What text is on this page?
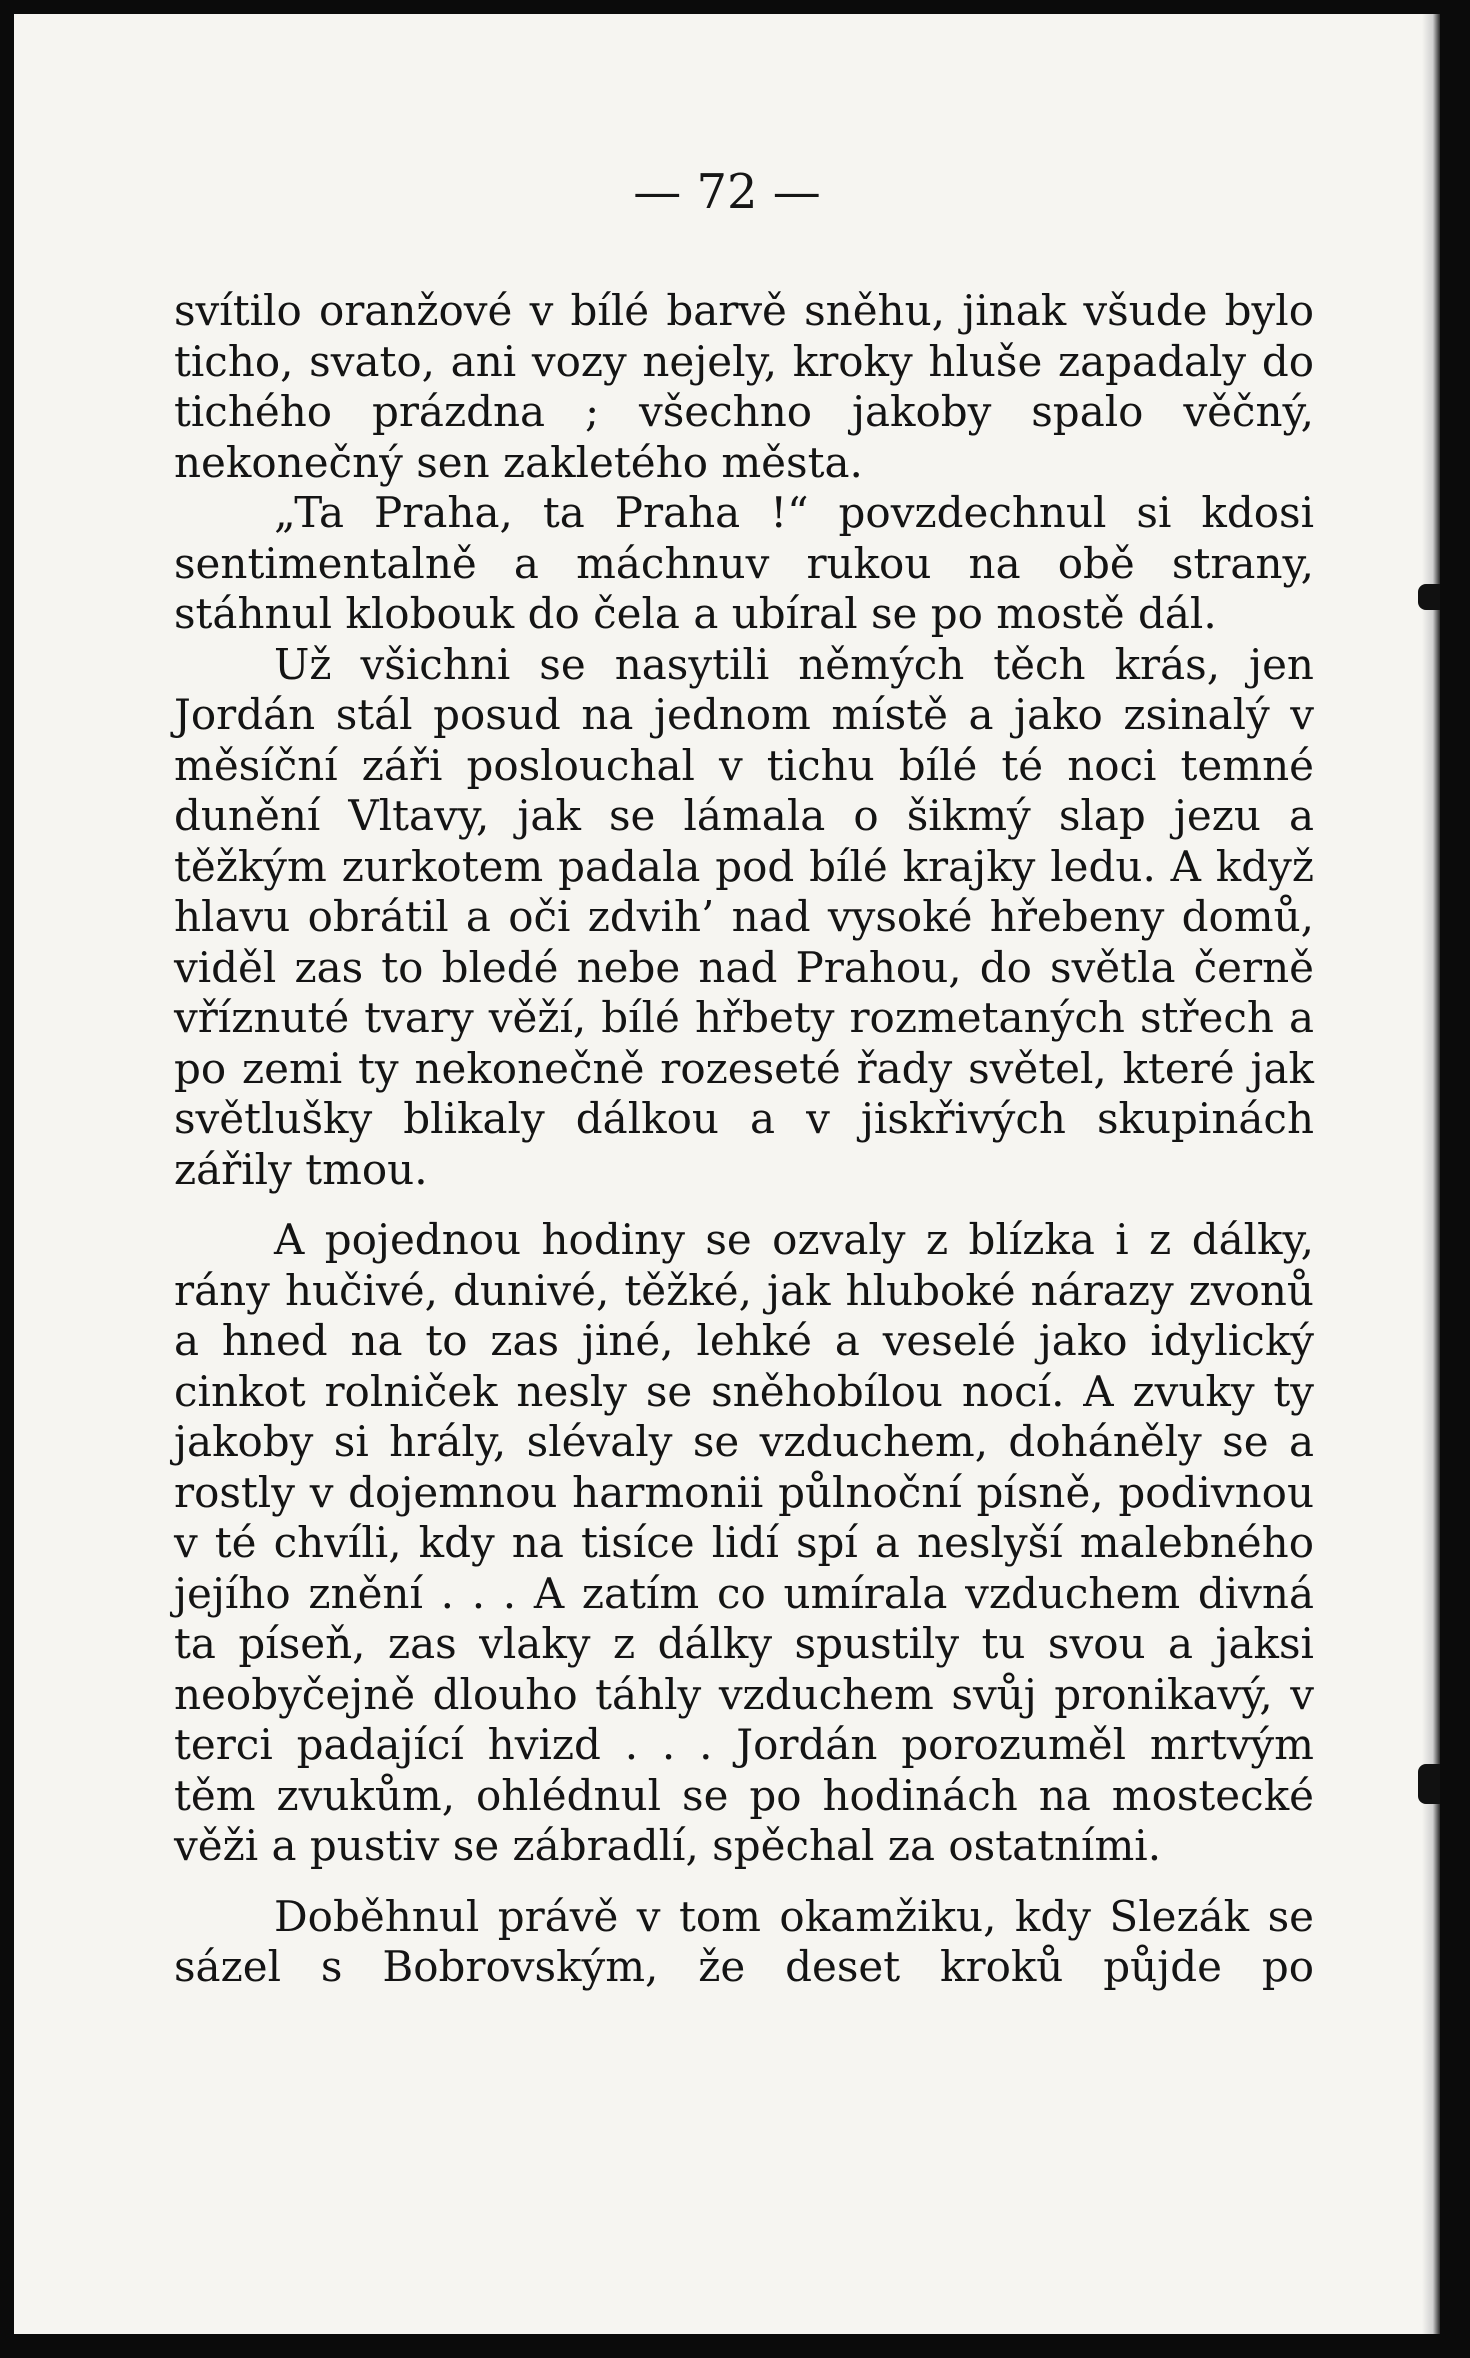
— 72 —

svítilo oranžové v bílé barvě sněhu, jinak všude bylo ticho, svato, ani vozy nejely, kroky hluše zapadaly do tichého prázdna ; všechno jakoby spalo věčný, nekonečný sen zakletého města.

„Ta Praha, ta Praha !“ povzdechnul si kdosi sentimentalně a máchnuv rukou na obě strany, stáhnul klobouk do čela a ubíral se po mostě dál.

Už všichni se nasytili němých těch krás, jen Jordán stál posud na jednom místě a jako zsinalý v měsíční záři poslouchal v tichu bílé té noci temné dunění Vltavy, jak se lámala o šikmý slap jezu a těžkým zurkotem padala pod bílé krajky ledu. A když hlavu obrátil a oči zdvih’ nad vysoké hřebeny domů, viděl zas to bledé nebe nad Prahou, do světla černě vříznuté tvary věží, bílé hřbety rozmetaných střech a po zemi ty nekonečně rozeseté řady světel, které jak světlušky blikaly dálkou a v jiskřivých skupinách zářily tmou.

A pojednou hodiny se ozvaly z blízka i z dálky, rány hučivé, dunivé, těžké, jak hluboké nárazy zvonů a hned na to zas jiné, lehké a veselé jako idylický cinkot rolniček nesly se sněhobílou nocí. A zvuky ty jakoby si hrály, slévaly se vzduchem, doháněly se a rostly v dojemnou harmonii půlnoční písně, podivnou v té chvíli, kdy na tisíce lidí spí a neslyší malebného jejího znění . . . A zatím co umírala vzduchem divná ta píseň, zas vlaky z dálky spustily tu svou a jaksi neobyčejně dlouho táhly vzduchem svůj pronikavý, v terci padající hvizd . . . Jordán porozuměl mrtvým těm zvukům, ohlédnul se po hodinách na mostecké věži a pustiv se zábradlí, spěchal za ostatními.

Doběhnul právě v tom okamžiku, kdy Slezák se sázel s Bobrovským, že deset kroků půjde po
